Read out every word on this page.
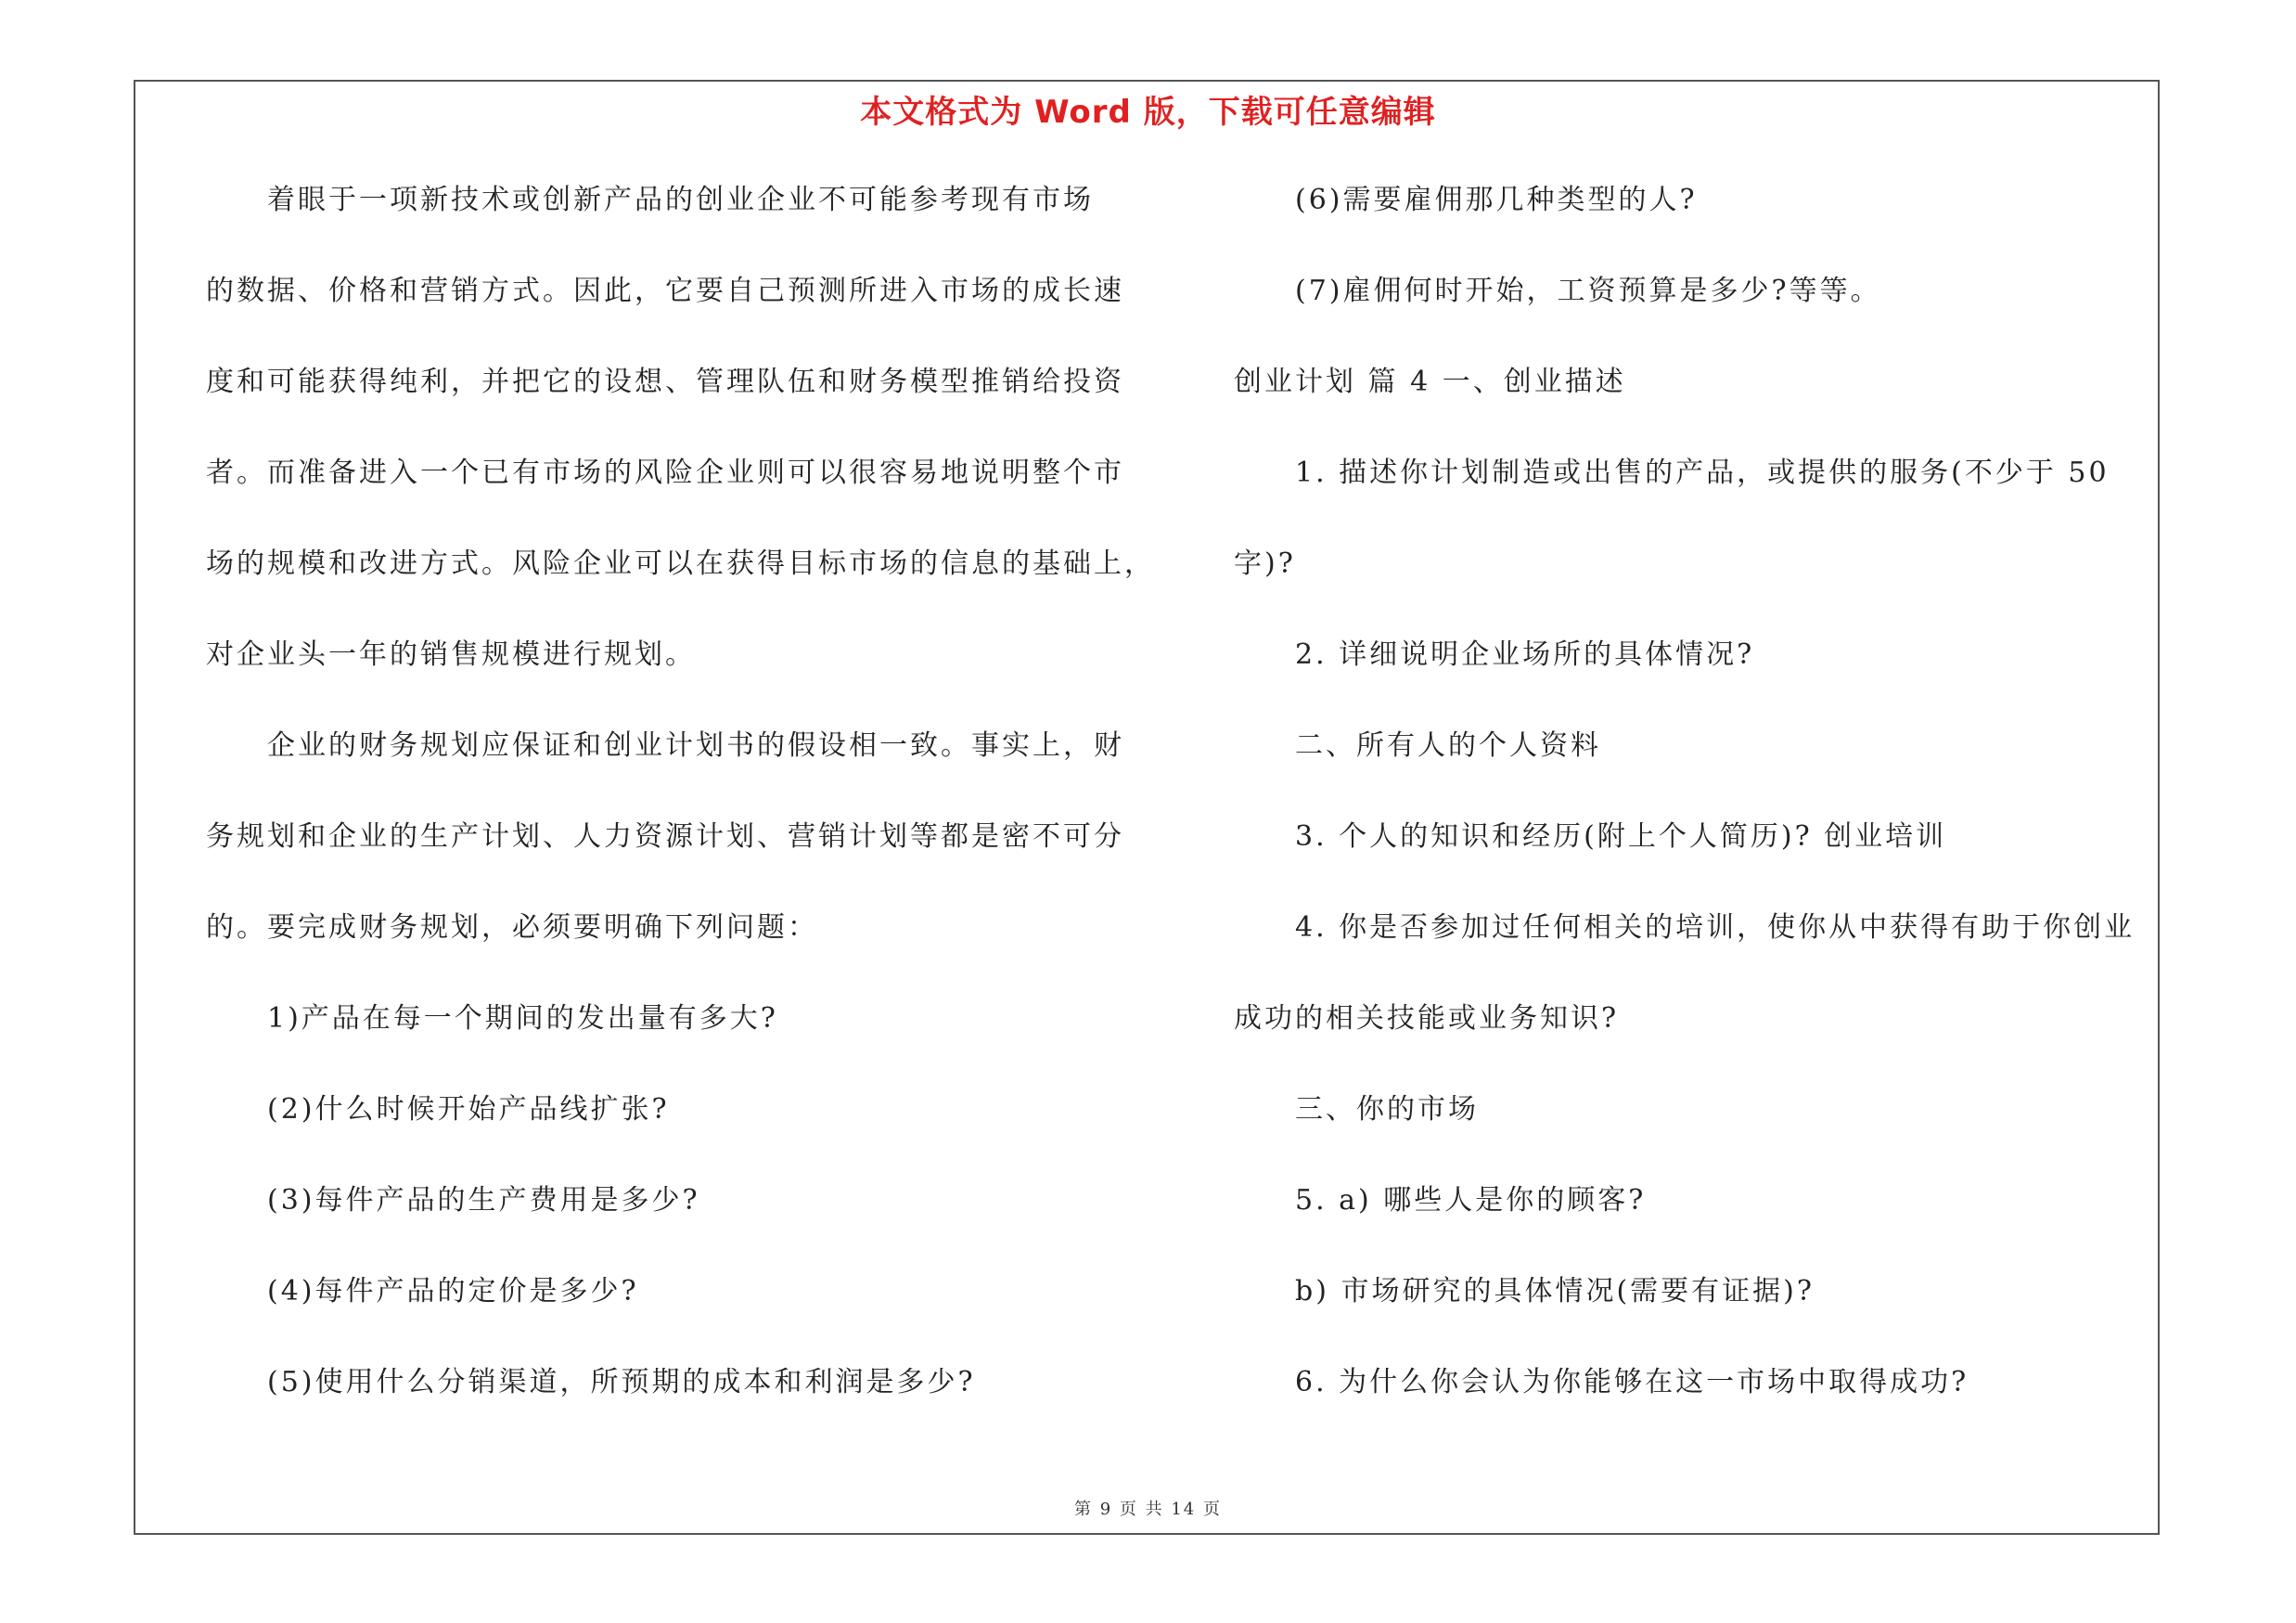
本文格式为 Word 版，下载可任意编辑
着眼于一项新技术或创新产品的创业企业不可能参考现有市场
的数据、价格和营销方式。因此，它要自己预测所进入市场的成长速
度和可能获得纯利，并把它的设想、管理队伍和财务模型推销给投资
者。而准备进入一个已有市场的风险企业则可以很容易地说明整个市
场的规模和改进方式。风险企业可以在获得目标市场的信息的基础上，
对企业头一年的销售规模进行规划。
企业的财务规划应保证和创业计划书的假设相一致。事实上，财
务规划和企业的生产计划、人力资源计划、营销计划等都是密不可分
的。要完成财务规划，必须要明确下列问题：
1)产品在每一个期间的发出量有多大?
(2)什么时候开始产品线扩张?
(3)每件产品的生产费用是多少?
(4)每件产品的定价是多少?
(5)使用什么分销渠道，所预期的成本和利润是多少?
(6)需要雇佣那几种类型的人?
(7)雇佣何时开始，工资预算是多少?等等。
创业计划 篇 4 一、创业描述
1. 描述你计划制造或出售的产品，或提供的服务(不少于 50
字)?
2. 详细说明企业场所的具体情况?
二、所有人的个人资料
3. 个人的知识和经历(附上个人简历)? 创业培训
4. 你是否参加过任何相关的培训，使你从中获得有助于你创业
成功的相关技能或业务知识?
三、你的市场
5. a) 哪些人是你的顾客?
b) 市场研究的具体情况(需要有证据)?
6. 为什么你会认为你能够在这一市场中取得成功?
第 9 页 共 14 页
